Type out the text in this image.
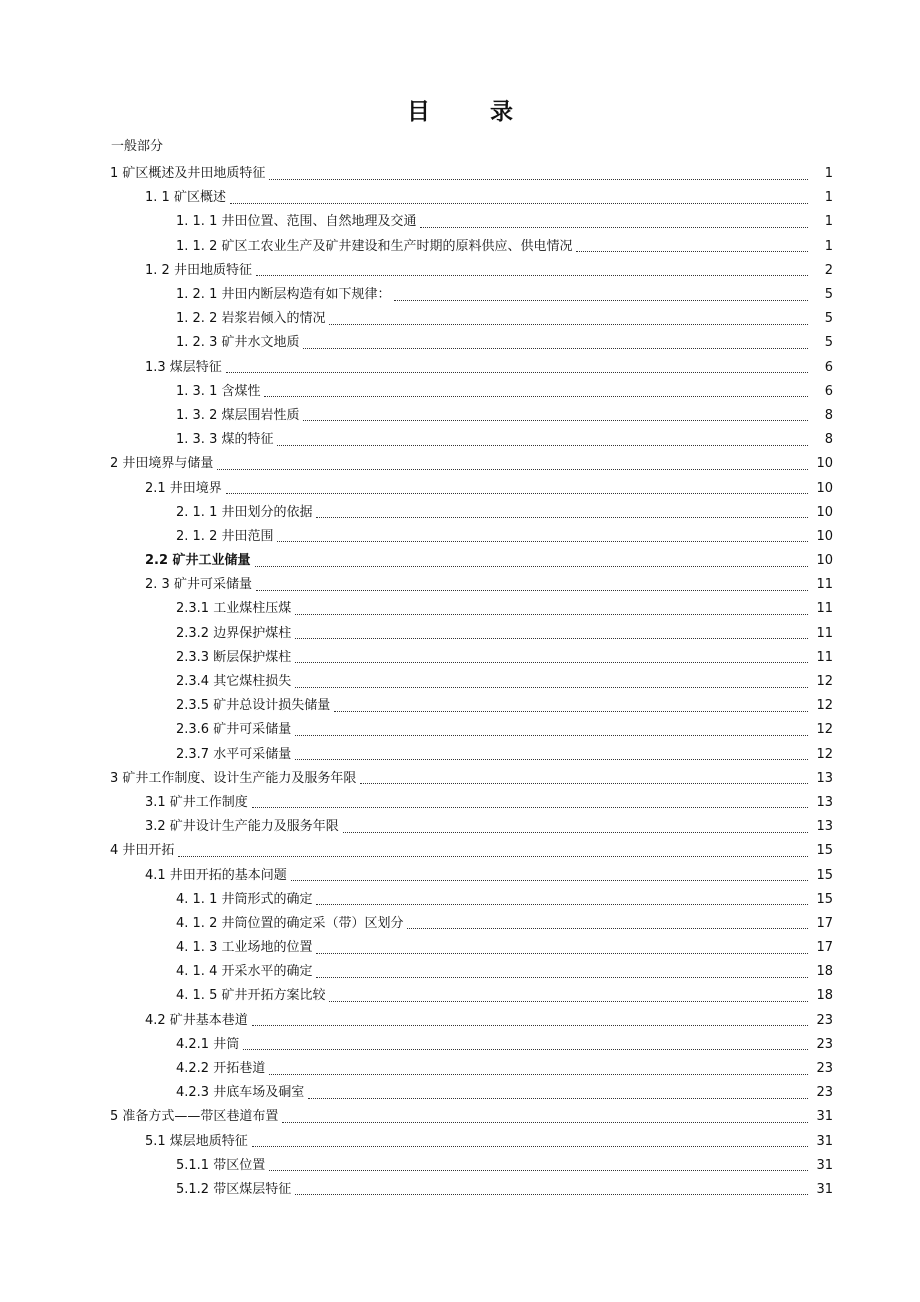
目 录
一般部分
1 矿区概述及井田地质特征	1
1. 1 矿区概述	1
1. 1. 1 井田位置、范围、自然地理及交通	1
1. 1. 2 矿区工农业生产及矿井建设和生产时期的原料供应、供电情况	1
1. 2 井田地质特征	2
1. 2. 1 井田内断层构造有如下规律：	5
1. 2. 2 岩浆岩倾入的情况	5
1. 2. 3 矿井水文地质	5
1.3 煤层特征	6
1. 3. 1 含煤性	6
1. 3. 2 煤层围岩性质	8
1. 3. 3 煤的特征	8
2 井田境界与储量	10
2.1 井田境界	10
2. 1. 1 井田划分的依据	10
2. 1. 2 井田范围	10
2.2 矿井工业储量	10
2. 3 矿井可采储量	11
2.3.1 工业煤柱压煤	11
2.3.2 边界保护煤柱	11
2.3.3 断层保护煤柱	11
2.3.4 其它煤柱损失	12
2.3.5 矿井总设计损失储量	12
2.3.6 矿井可采储量	12
2.3.7 水平可采储量	12
3 矿井工作制度、设计生产能力及服务年限	13
3.1 矿井工作制度	13
3.2 矿井设计生产能力及服务年限	13
4 井田开拓	15
4.1 井田开拓的基本问题	15
4. 1. 1 井筒形式的确定	15
4. 1. 2 井筒位置的确定采（带）区划分	17
4. 1. 3 工业场地的位置	17
4. 1. 4 开采水平的确定	18
4. 1. 5 矿井开拓方案比较	18
4.2 矿井基本巷道	23
4.2.1 井筒	23
4.2.2 开拓巷道	23
4.2.3 井底车场及硐室	23
5 准备方式——带区巷道布置	31
5.1 煤层地质特征	31
5.1.1 带区位置	31
5.1.2 带区煤层特征	31
